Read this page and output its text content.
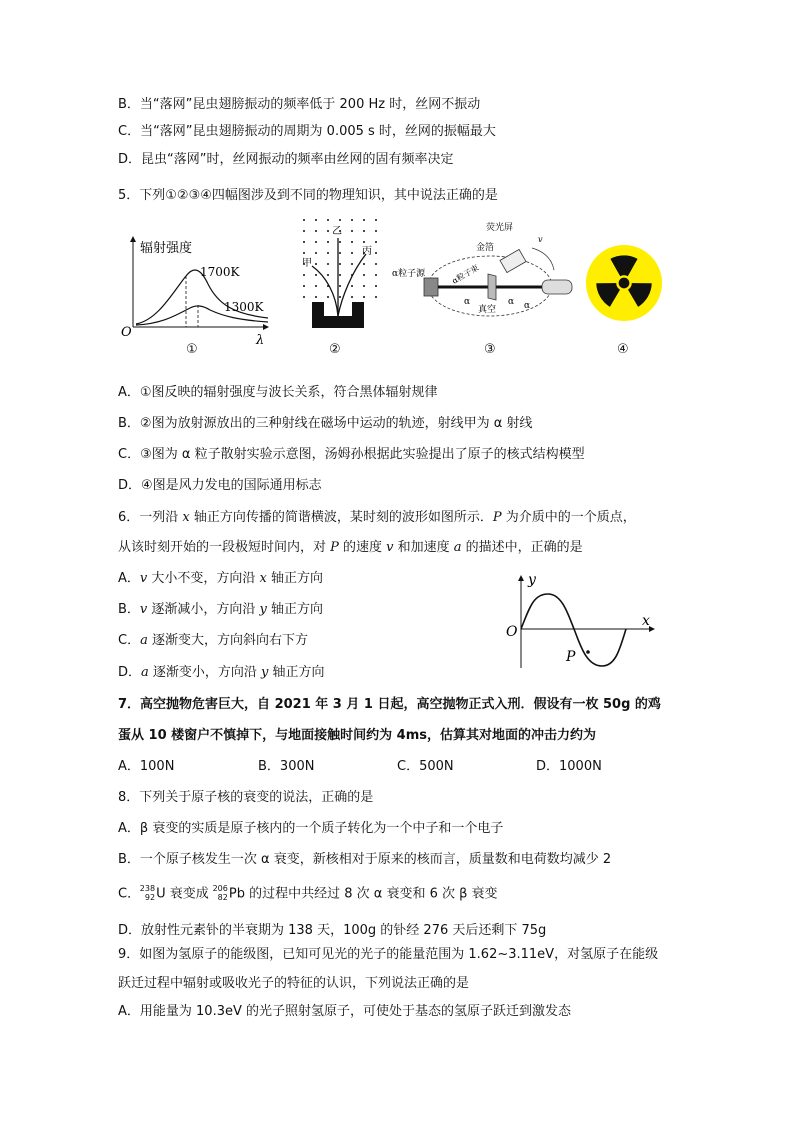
B．当“落网”昆虫翅膀振动的频率低于 200 Hz 时，丝网不振动
C．当“落网”昆虫翅膀振动的周期为 0.005 s 时，丝网的振幅最大
D．昆虫“落网”时，丝网振动的频率由丝网的固有频率决定
5．下列①②③④四幅图涉及到不同的物理知识，其中说法正确的是
辐射强度
1700K
1300K
O
λ
①
甲
乙
丙
②
荧光屏
金箔
α粒子源	α粒子束
真空
α α
α
v
③	④
A．①图反映的辐射强度与波长关系，符合黑体辐射规律
B．②图为放射源放出的三种射线在磁场中运动的轨迹，射线甲为 α 射线
C．③图为 α 粒子散射实验示意图，汤姆孙根据此实验提出了原子的核式结构模型
D．④图是风力发电的国际通用标志
6．一列沿 x 轴正方向传播的简谐横波，某时刻的波形如图所示．P 为介质中的一个质点，
从该时刻开始的一段极短时间内，对 P 的速度 v 和加速度 a 的描述中，正确的是
A．v 大小不变，方向沿 x 轴正方向
B．v 逐渐减小，方向沿 y 轴正方向
C．a 逐渐变大，方向斜向右下方
D．a 逐渐变小，方向沿 y 轴正方向
y
x
O
P
7．高空抛物危害巨大，自 2021 年 3 月 1 日起，高空抛物正式入刑．假设有一枚 50g 的鸡
蛋从 10 楼窗户不慎掉下，与地面接触时间约为 4ms，估算其对地面的冲击力约为
A．100N	B．300N	C．500N	D．1000N
8．下列关于原子核的衰变的说法，正确的是
A．β 衰变的实质是原子核内的一个质子转化为一个中子和一个电子
B．一个原子核发生一次 α 衰变，新核相对于原来的核而言，质量数和电荷数均减少 2
C． 238
92 U 衰变成 206
82 Pb 的过程中共经过 8 次 α 衰变和 6 次 β 衰变
D．放射性元素钋的半衰期为 138 天，100g 的钋经 276 天后还剩下 75g
9．如图为氢原子的能级图，已知可见光的光子的能量范围为 1.62~3.11eV，对氢原子在能级
跃迁过程中辐射或吸收光子的特征的认识，下列说法正确的是
A．用能量为 10.3eV 的光子照射氢原子，可使处于基态的氢原子跃迁到激发态
